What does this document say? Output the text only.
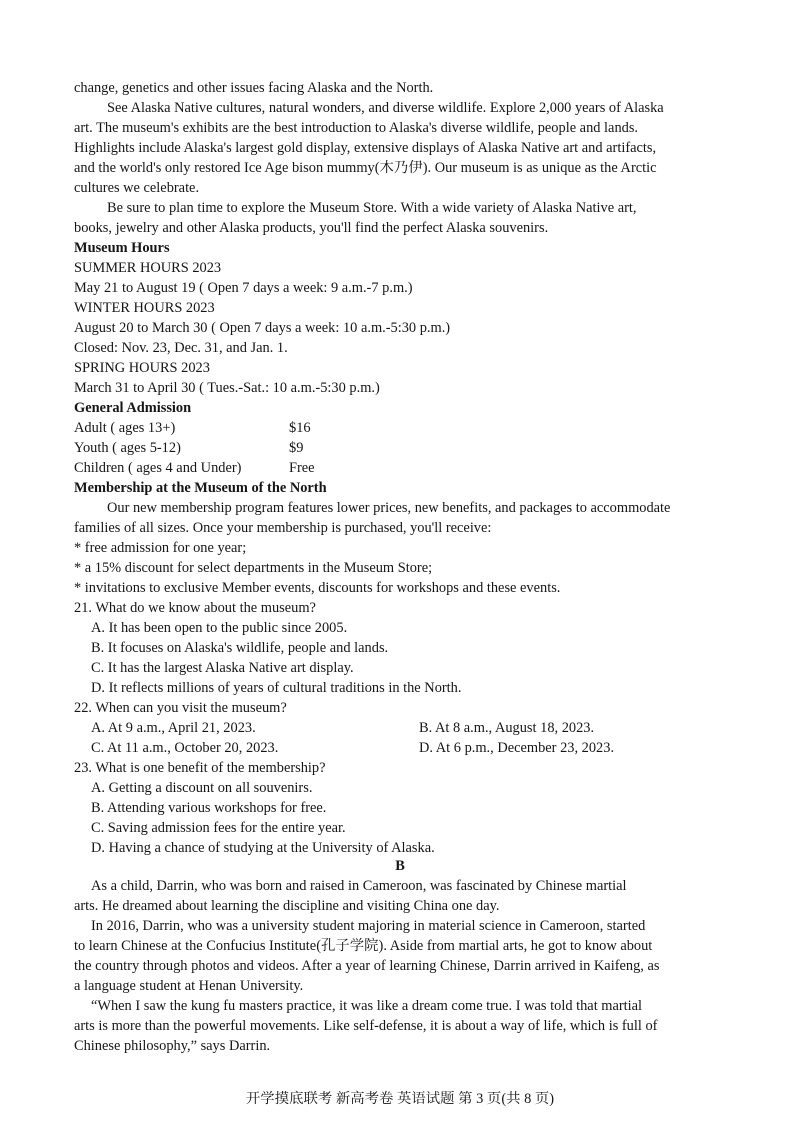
change, genetics and other issues facing Alaska and the North.
See Alaska Native cultures, natural wonders, and diverse wildlife. Explore 2,000 years of Alaska
art. The museum's exhibits are the best introduction to Alaska's diverse wildlife, people and lands.
Highlights include Alaska's largest gold display, extensive displays of Alaska Native art and artifacts,
and the world's only restored Ice Age bison mummy(木乃伊). Our museum is as unique as the Arctic
cultures we celebrate.
Be sure to plan time to explore the Museum Store. With a wide variety of Alaska Native art,
books, jewelry and other Alaska products, you'll find the perfect Alaska souvenirs.
Museum Hours
SUMMER HOURS 2023
May 21 to August 19 ( Open 7 days a week: 9 a.m.-7 p.m.)
WINTER HOURS 2023
August 20 to March 30 ( Open 7 days a week: 10 a.m.-5:30 p.m.)
Closed: Nov. 23, Dec. 31, and Jan. 1.
SPRING HOURS 2023
March 31 to April 30 ( Tues.-Sat.: 10 a.m.-5:30 p.m.)
General Admission
Adult ( ages 13+)	$16
Youth ( ages 5-12)	$9
Children ( ages 4 and Under)	Free
Membership at the Museum of the North
Our new membership program features lower prices, new benefits, and packages to accommodate
families of all sizes. Once your membership is purchased, you'll receive:
* free admission for one year;
* a 15% discount for select departments in the Museum Store;
* invitations to exclusive Member events, discounts for workshops and these events.
21. What do we know about the museum?
A. It has been open to the public since 2005.
B. It focuses on Alaska's wildlife, people and lands.
C. It has the largest Alaska Native art display.
D. It reflects millions of years of cultural traditions in the North.
22. When can you visit the museum?
A. At 9 a.m., April 21, 2023.	B. At 8 a.m., August 18, 2023.
C. At 11 a.m., October 20, 2023.	D. At 6 p.m., December 23, 2023.
23. What is one benefit of the membership?
A. Getting a discount on all souvenirs.
B. Attending various workshops for free.
C. Saving admission fees for the entire year.
D. Having a chance of studying at the University of Alaska.
B
As a child, Darrin, who was born and raised in Cameroon, was fascinated by Chinese martial
arts. He dreamed about learning the discipline and visiting China one day.
In 2016, Darrin, who was a university student majoring in material science in Cameroon, started
to learn Chinese at the Confucius Institute(孔子学院). Aside from martial arts, he got to know about
the country through photos and videos. After a year of learning Chinese, Darrin arrived in Kaifeng, as
a language student at Henan University.
“When I saw the kung fu masters practice, it was like a dream come true. I was told that martial
arts is more than the powerful movements. Like self-defense, it is about a way of life, which is full of
Chinese philosophy,” says Darrin.
开学摸底联考 新高考卷 英语试题 第 3 页(共 8 页)
